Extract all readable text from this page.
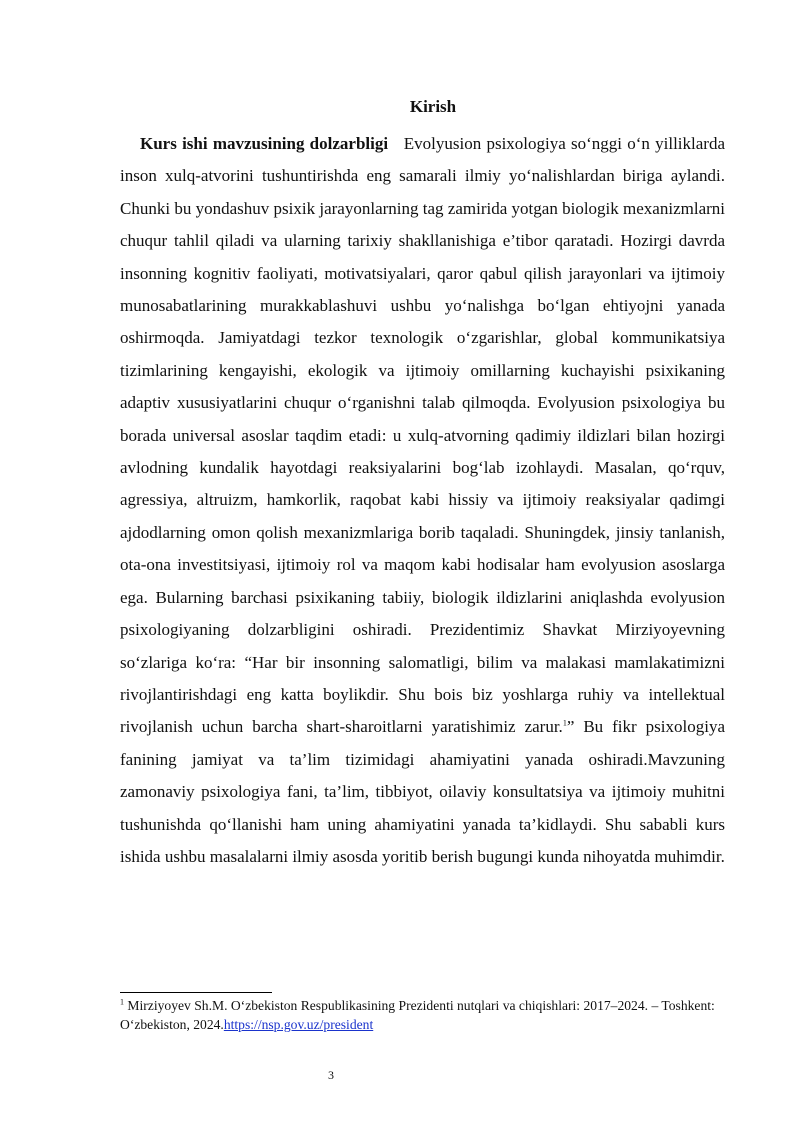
Kirish
Kurs ishi mavzusining dolzarbligi Evolyusion psixologiya so‘nggi o‘n yilliklarda inson xulq-atvorini tushuntirishda eng samarali ilmiy yo‘nalishlardan biriga aylandi. Chunki bu yondashuv psixik jarayonlarning tag zamirida yotgan biologik mexanizmlarni chuqur tahlil qiladi va ularning tarixiy shakllanishiga e’tibor qaratadi. Hozirgi davrda insonning kognitiv faoliyati, motivatsiyalari, qaror qabul qilish jarayonlari va ijtimoiy munosabatlarining murakkablashuvi ushbu yo‘nalishga bo‘lgan ehtiyojni yanada oshirmoqda. Jamiyatdagi tezkor texnologik o‘zgarishlar, global kommunikatsiya tizimlarining kengayishi, ekologik va ijtimoiy omillarning kuchayishi psixikaning adaptiv xususiyatlarini chuqur o‘rganishni talab qilmoqda. Evolyusion psixologiya bu borada universal asoslar taqdim etadi: u xulq-atvorning qadimiy ildizlari bilan hozirgi avlodning kundalik hayotdagi reaksiyalarini bog‘lab izohlaydi. Masalan, qo‘rquv, agressiya, altruizm, hamkorlik, raqobat kabi hissiy va ijtimoiy reaksiyalar qadimgi ajdodlarning omon qolish mexanizmlariga borib taqaladi. Shuningdek, jinsiy tanlanish, ota-ona investitsiyasi, ijtimoiy rol va maqom kabi hodisalar ham evolyusion asoslarga ega. Bularning barchasi psixikaning tabiiy, biologik ildizlarini aniqlashda evolyusion psixologiyaning dolzarbligini oshiradi. Prezidentimiz Shavkat Mirziyoyevning so‘zlariga ko‘ra: “Har bir insonning salomatligi, bilim va malakasi mamlakatimizni rivojlantirishdagi eng katta boylikdir. Shu bois biz yoshlarga ruhiy va intellektual rivojlanish uchun barcha shart-sharoitlarni yaratishimiz zarur.$^1$” Bu fikr psixologiya fanining jamiyat va ta’lim tizimidagi ahamiyatini yanada oshiradi.Mavzuning zamonaviy psixologiya fani, ta’lim, tibbiyot, oilaviy konsultatsiya va ijtimoiy muhitni tushunishda qo‘llanishi ham uning ahamiyatini yanada ta’kidlaydi. Shu sababli kurs ishida ushbu masalalarni ilmiy asosda yoritib berish bugungi kunda nihoyatda muhimdir.
$^1$ Mirziyoyev Sh.M. O‘zbekiston Respublikasining Prezidenti nutqlari va chiqishlari: 2017–2024. – Toshkent: O‘zbekiston, 2024.https://nsp.gov.uz/president
3
